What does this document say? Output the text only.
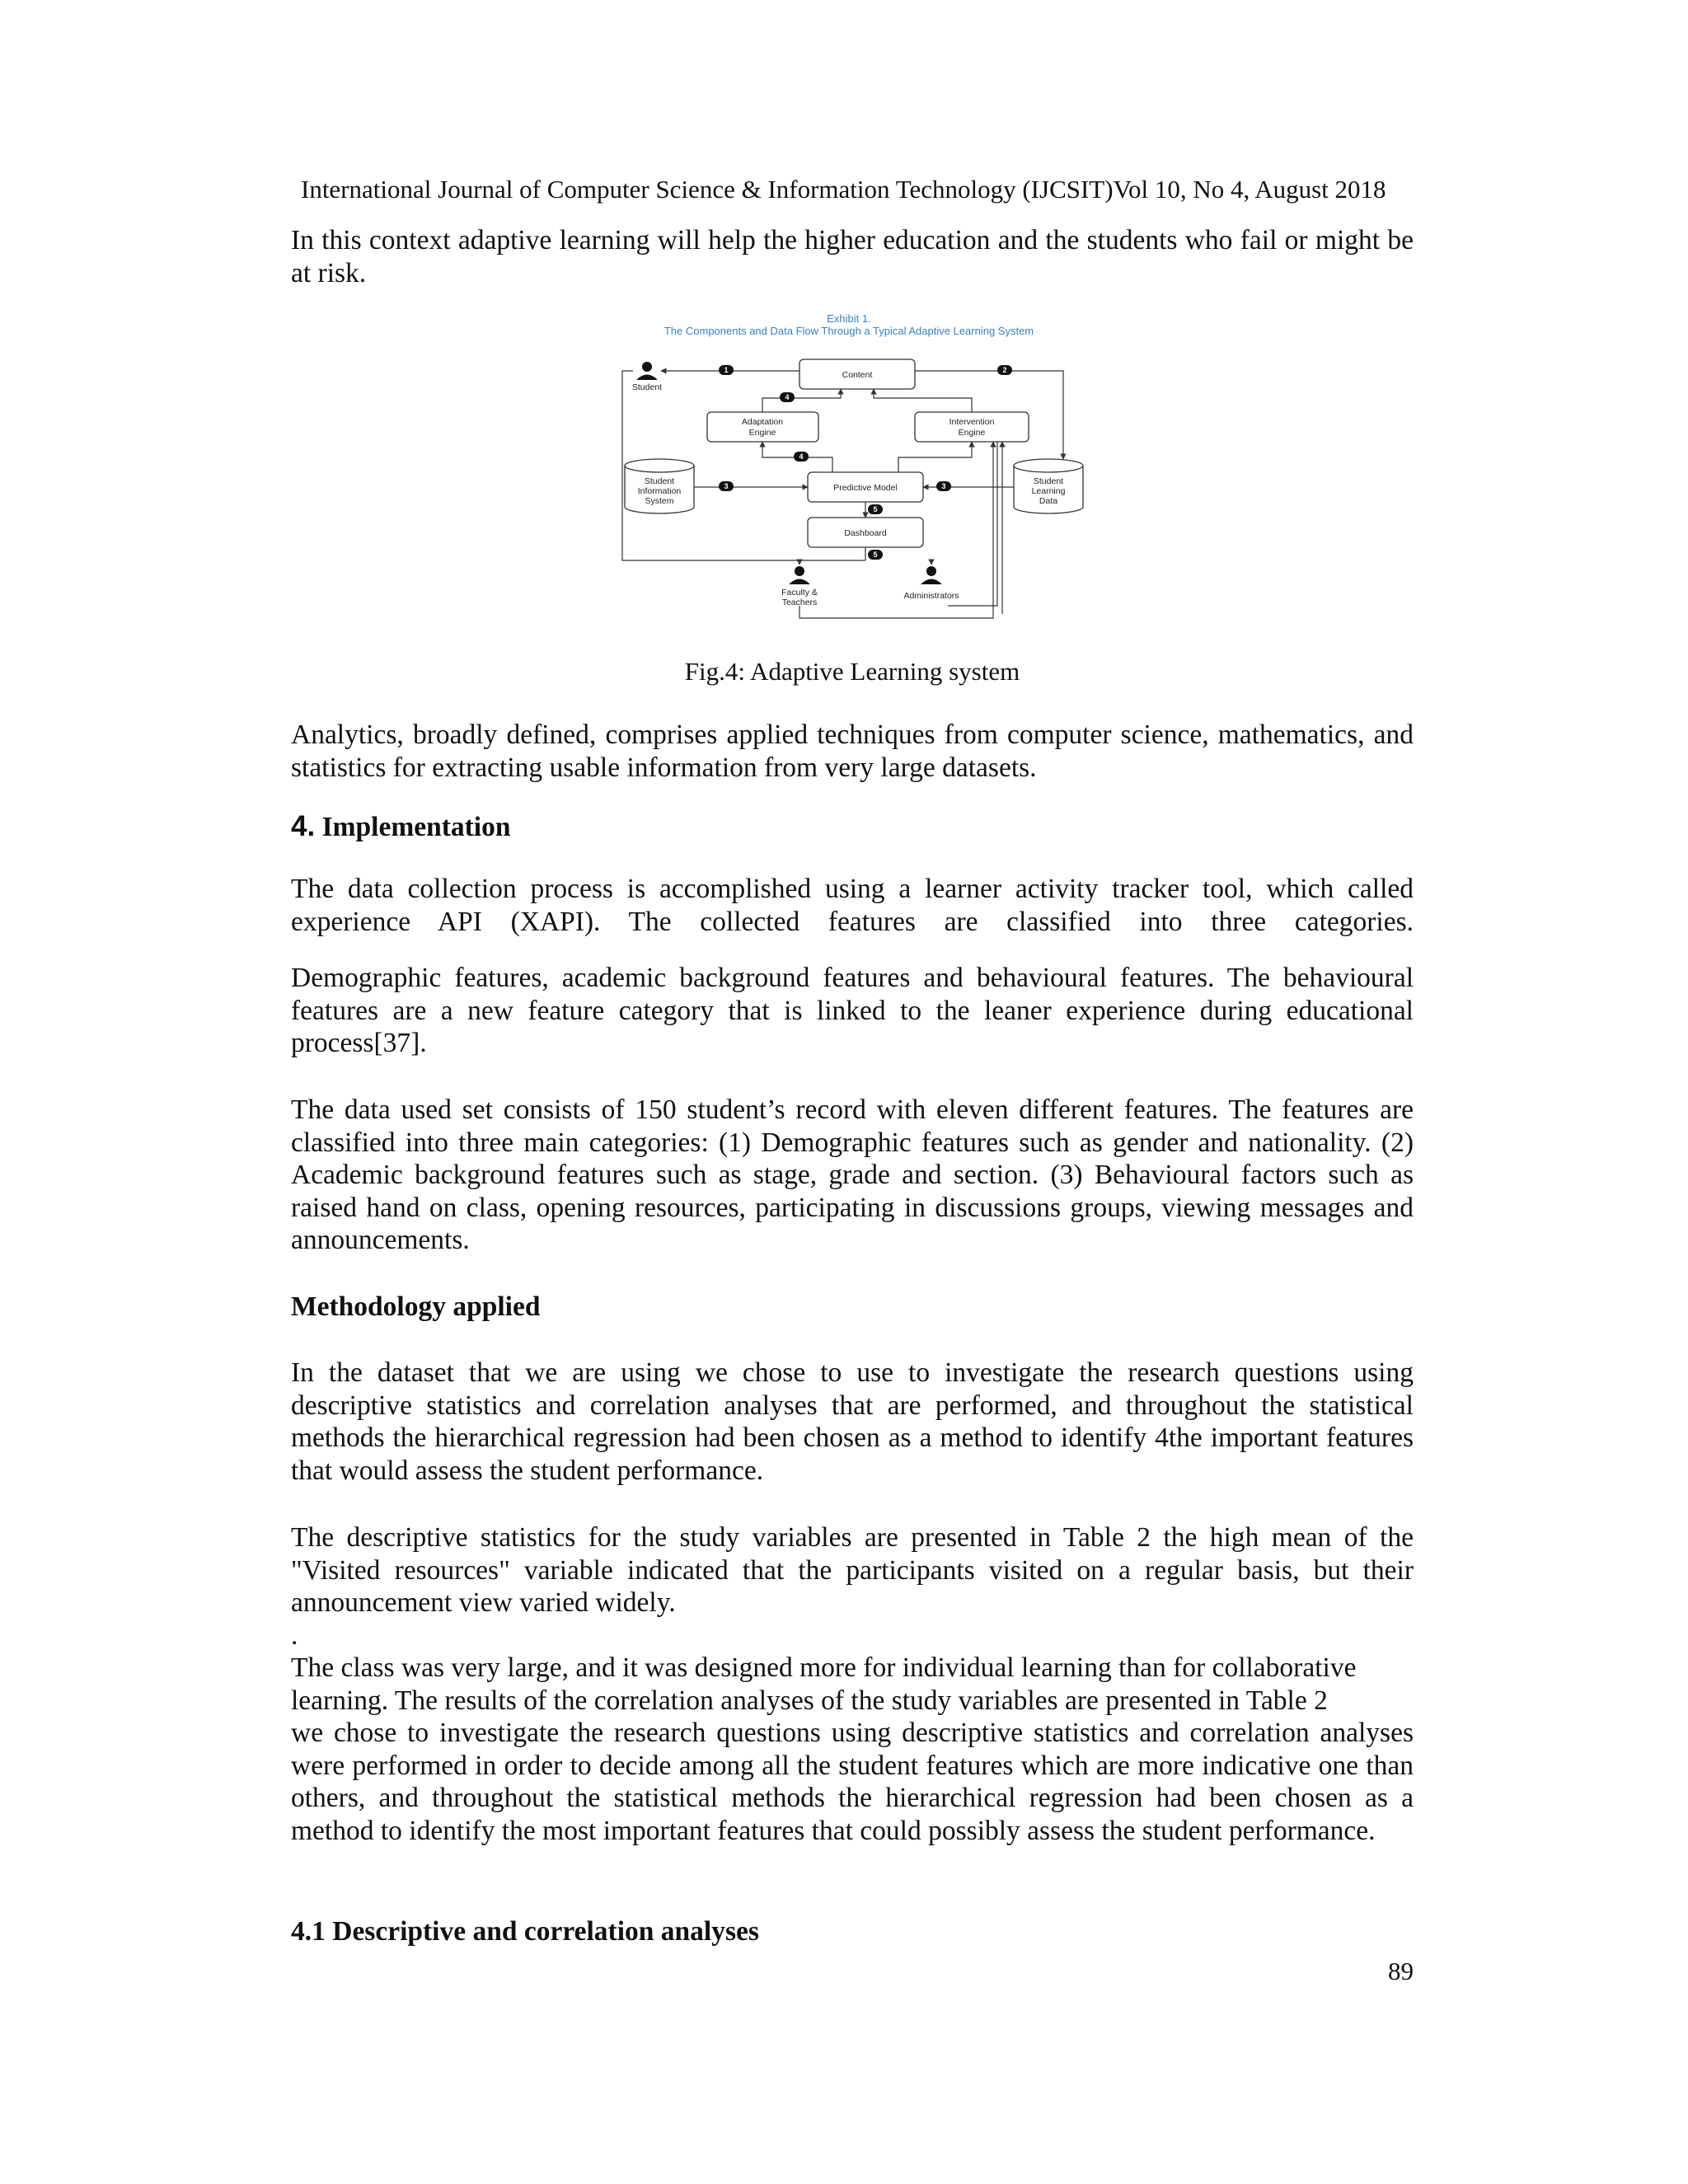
International Journal of Computer Science & Information Technology (IJCSIT)Vol 10, No 4, August 2018

In this context adaptive learning will help the higher education and the students who fail or might be at risk.

Exhibit 1.
The Components and Data Flow Through a Typical Adaptive Learning System
Student
Content
Adaptation
Engine
Intervention
Engine
Student
Information
System
Predictive Model
Student
Learning
Data
Dashboard
Faculty &
Teachers
Administrators
1	2
4
4
3	3
5
5
Fig.4: Adaptive Learning system

Analytics, broadly defined, comprises applied techniques from computer science, mathematics, and statistics for extracting usable information from very large datasets.

4. Implementation

The data collection process is accomplished using a learner activity tracker tool, which called experience API (XAPI). The collected features are classified into three categories.

Demographic features, academic background features and behavioural features. The behavioural features are a new feature category that is linked to the leaner experience during educational process[37].

The data used set consists of 150 student’s record with eleven different features. The features are classified into three main categories: (1) Demographic features such as gender and nationality. (2) Academic background features such as stage, grade and section. (3) Behavioural factors such as raised hand on class, opening resources, participating in discussions groups, viewing messages and announcements.

Methodology applied

In the dataset that we are using we chose to use to investigate the research questions using descriptive statistics and correlation analyses that are performed, and throughout the statistical methods the hierarchical regression had been chosen as a method to identify 4the important features that would assess the student performance.

The descriptive statistics for the study variables are presented in Table 2 the high mean of the "Visited resources" variable indicated that the participants visited on a regular basis, but their announcement view varied widely.

.

The class was very large, and it was designed more for individual learning than for collaborative learning. The results of the correlation analyses of the study variables are presented in Table 2

we chose to investigate the research questions using descriptive statistics and correlation analyses were performed in order to decide among all the student features which are more indicative one than others, and throughout the statistical methods the hierarchical regression had been chosen as a method to identify the most important features that could possibly assess the student performance.

4.1 Descriptive and correlation analyses
89
